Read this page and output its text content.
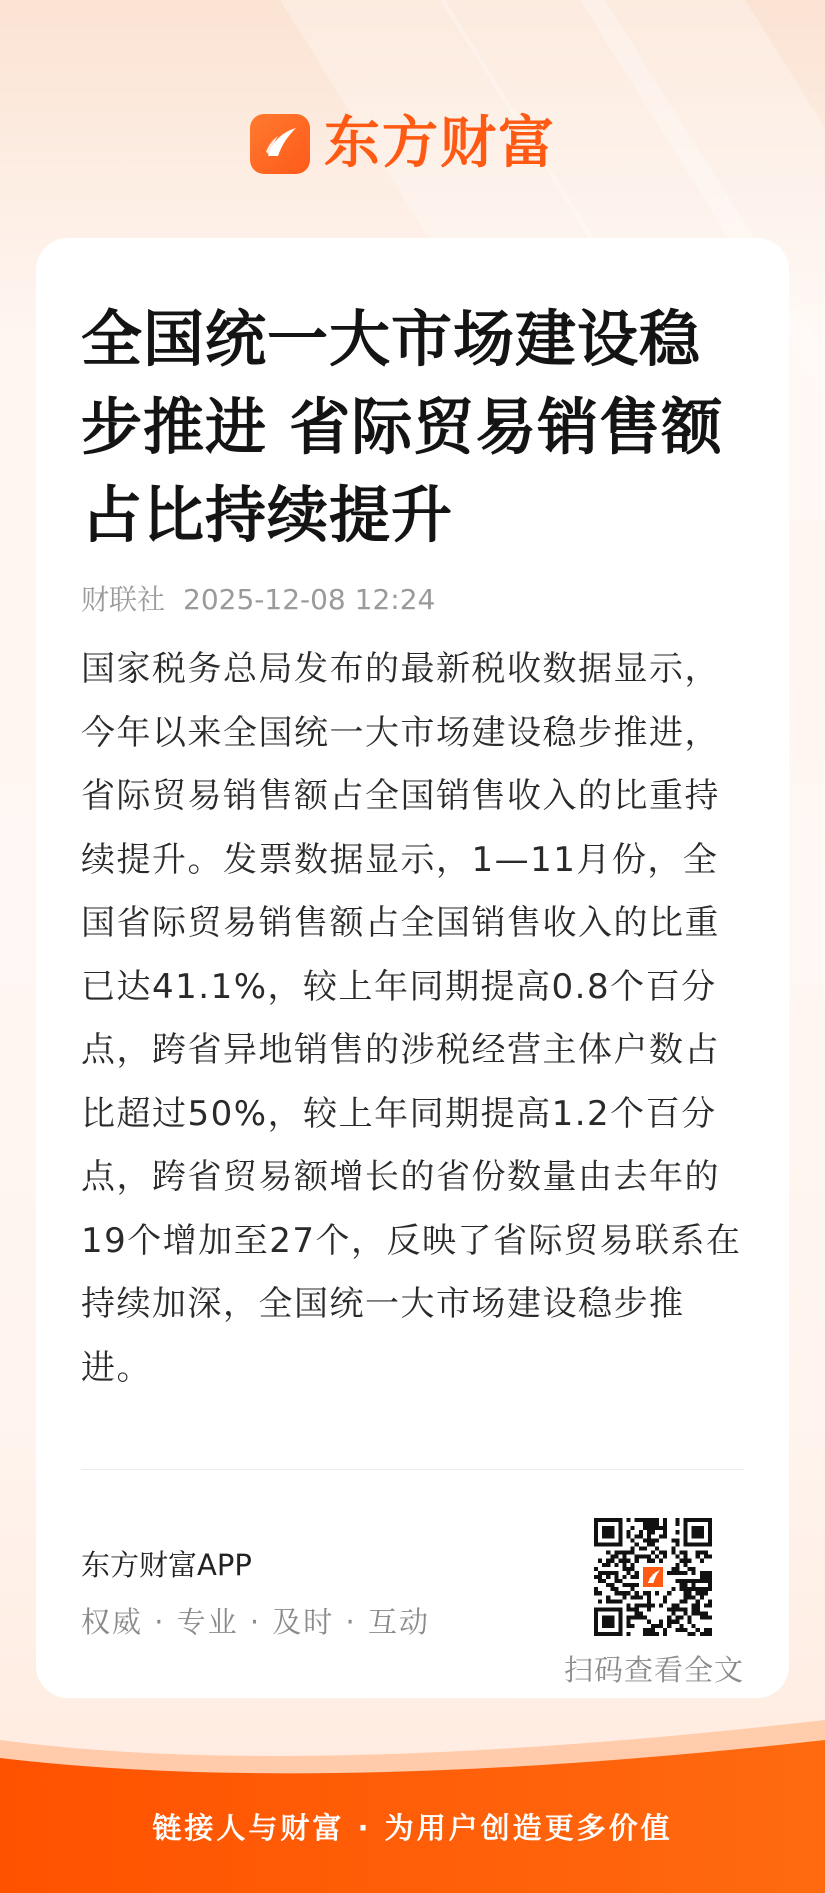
东方财富
全国统一大市场建设稳步推进 省际贸易销售额占比持续提升
财联社 2025-12-08 12:24

国家税务总局发布的最新税收数据显示，今年以来全国统一大市场建设稳步推进，省际贸易销售额占全国销售收入的比重持续提升。发票数据显示，1—11月份，全国省际贸易销售额占全国销售收入的比重已达41.1%，较上年同期提高0.8个百分点，跨省异地销售的涉税经营主体户数占比超过50%，较上年同期提高1.2个百分点，跨省贸易额增长的省份数量由去年的19个增加至27个，反映了省际贸易联系在持续加深，全国统一大市场建设稳步推进。

东方财富APP
权威 · 专业 · 及时 · 互动
扫码查看全文
链接人与财富 · 为用户创造更多价值
